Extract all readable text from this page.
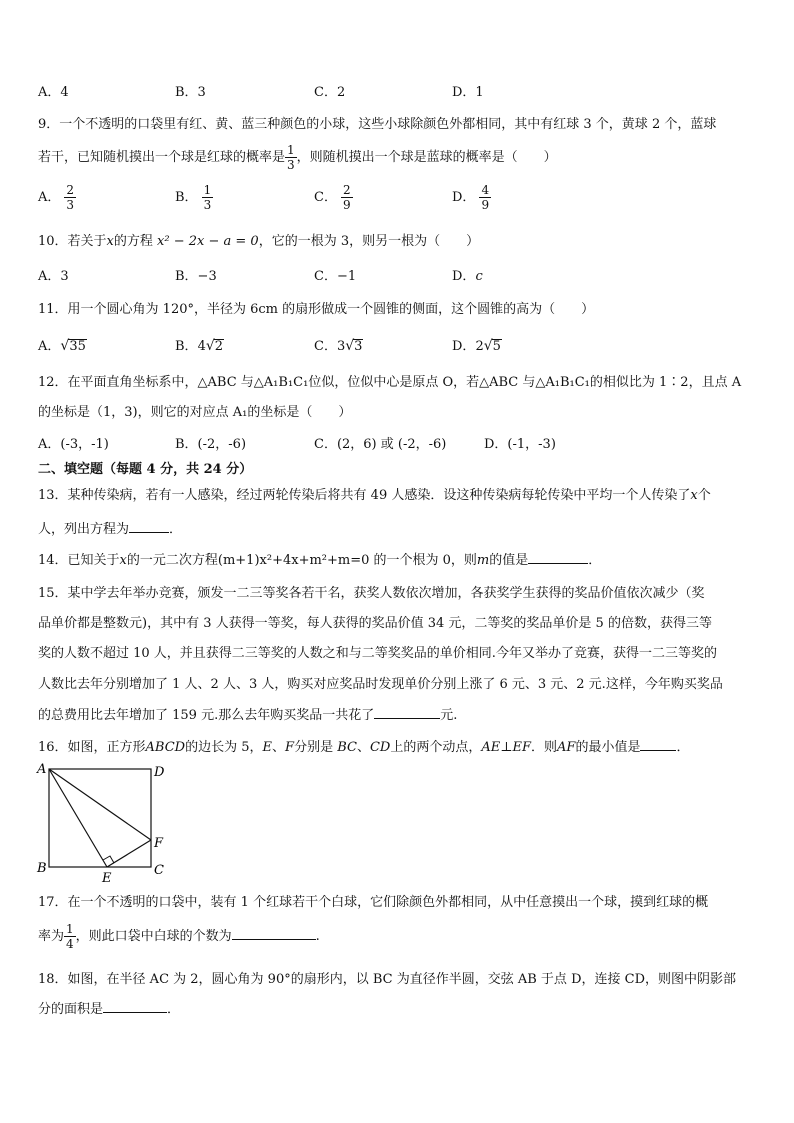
A．4	B．3	C．2	D．1
9．一个不透明的口袋里有红、黄、蓝三种颜色的小球，这些小球除颜色外都相同，其中有红球 3 个，黄球 2 个，蓝球
若干，已知随机摸出一个球是红球的概率是 $\frac{1}{3}$ ，则随机摸出一个球是蓝球的概率是（　　）
A． $\frac{2}{3}$	B． $\frac{1}{3}$	C． $\frac{2}{9}$	D． $\frac{4}{9}$
10．若关于x的方程 x² − 2x − a = 0，它的一根为 3，则另一根为（　　）
A．3	B．−3	C．−1	D．c
11．用一个圆心角为 120°，半径为 6cm 的扇形做成一个圆锥的侧面，这个圆锥的高为（　　）
A．√35	B．4√2	C．3√3	D．2√5
12．在平面直角坐标系中，△ABC 与△A₁B₁C₁位似，位似中心是原点 O，若△ABC 与△A₁B₁C₁的相似比为 1∶2，且点 A
的坐标是（1，3)，则它的对应点 A₁的坐标是（　　）
A．(-3，-1)	B．(-2，-6)	C．(2，6) 或 (-2，-6)	D．(-1，-3)
二、填空题（每题 4 分，共 24 分）
13．某种传染病，若有一人感染，经过两轮传染后将共有 49 人感染．设这种传染病每轮传染中平均一个人传染了x个
人，列出方程为	．
14．已知关于x的一元二次方程(m+1)x²+4x+m²+m=0 的一个根为 0，则m的值是	．
15．某中学去年举办竞赛，颁发一二三等奖各若干名，获奖人数依次增加，各获奖学生获得的奖品价值依次减少（奖
品单价都是整数元)，其中有 3 人获得一等奖，每人获得的奖品价值 34 元，二等奖的奖品单价是 5 的倍数，获得三等
奖的人数不超过 10 人，并且获得二三等奖的人数之和与二等奖奖品的单价相同.今年又举办了竞赛，获得一二三等奖的
人数比去年分别增加了 1 人、2 人、3 人，购买对应奖品时发现单价分别上涨了 6 元、3 元、2 元.这样，今年购买奖品
的总费用比去年增加了 159 元.那么去年购买奖品一共花了	元.
16．如图，正方形ABCD的边长为 5，E、F分别是 BC、CD上的两个动点，AE⊥EF．则AF的最小值是	．
A	D
B	C
E
F
17．在一个不透明的口袋中，装有 1 个红球若干个白球，它们除颜色外都相同，从中任意摸出一个球，摸到红球的概
率为 $\frac{1}{4}$ ，则此口袋中白球的个数为	.
18．如图，在半径 AC 为 2，圆心角为 90°的扇形内，以 BC 为直径作半圆，交弦 AB 于点 D，连接 CD，则图中阴影部
分的面积是	．
